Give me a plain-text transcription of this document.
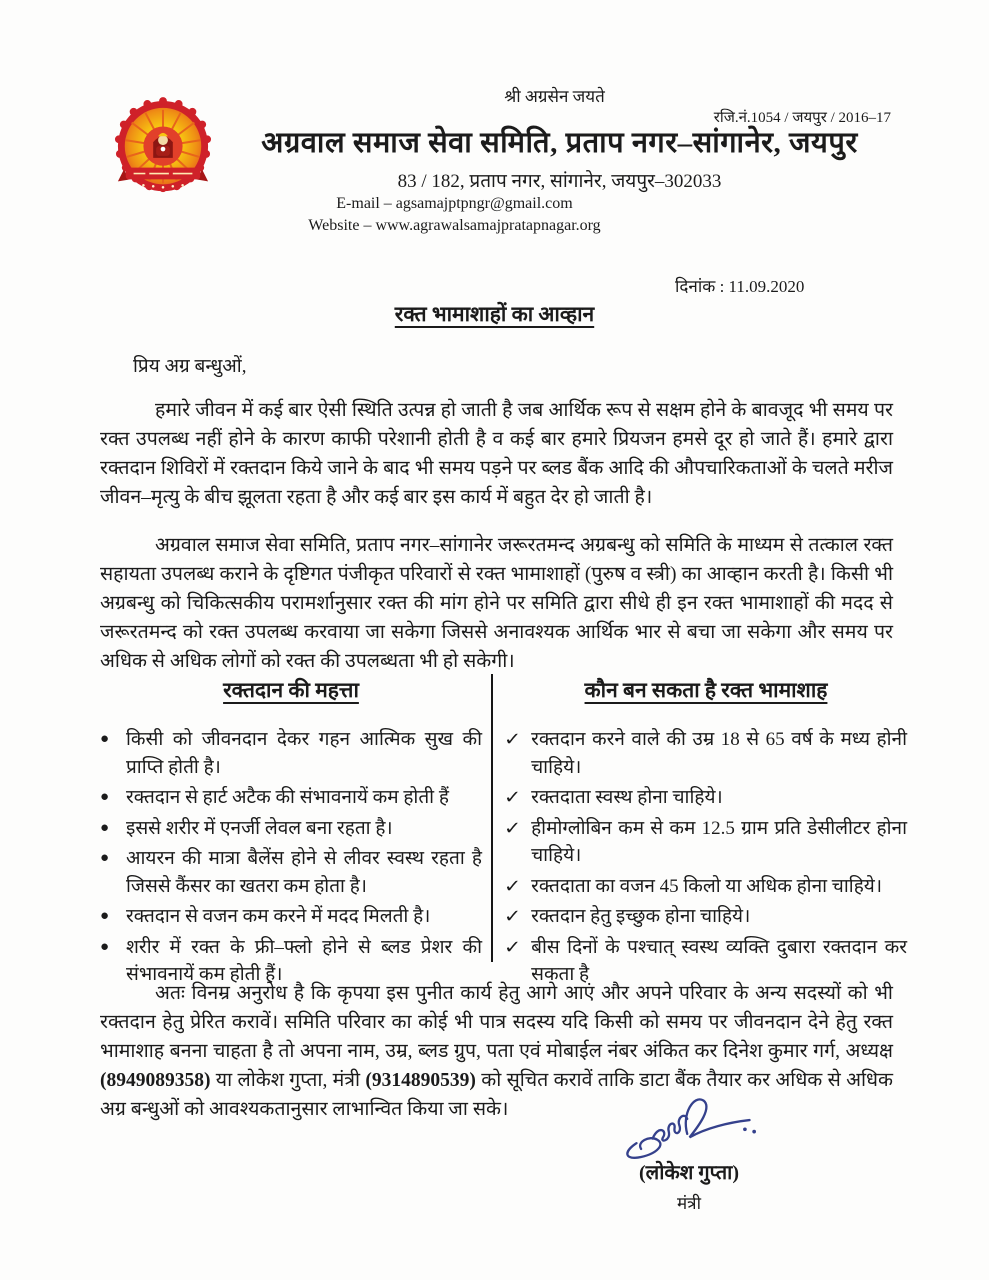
श्री अग्रसेन जयते
रजि.नं.1054 / जयपुर / 2016–17
अग्रवाल समाज सेवा समिति, प्रताप नगर–सांगानेर, जयपुर
83 / 182, प्रताप नगर, सांगानेर, जयपुर–302033
E-mail – agsamajptpngr@gmail.com
Website – www.agrawalsamajpratapnagar.org
दिनांक : 11.09.2020
रक्त भामाशाहों का आव्हान
प्रिय अग्र बन्धुओं,
हमारे जीवन में कई बार ऐसी स्थिति उत्पन्न हो जाती है जब आर्थिक रूप से सक्षम होने के बावजूद भी समय पर रक्त उपलब्ध नहीं होने के कारण काफी परेशानी होती है व कई बार हमारे प्रियजन हमसे दूर हो जाते हैं। हमारे द्वारा रक्तदान शिविरों में रक्तदान किये जाने के बाद भी समय पड़ने पर ब्लड बैंक आदि की औपचारिकताओं के चलते मरीज जीवन–मृत्यु के बीच झूलता रहता है और कई बार इस कार्य में बहुत देर हो जाती है।
अग्रवाल समाज सेवा समिति, प्रताप नगर–सांगानेर जरूरतमन्द अग्रबन्धु को समिति के माध्यम से तत्काल रक्त सहायता उपलब्ध कराने के दृष्टिगत पंजीकृत परिवारों से रक्त भामाशाहों (पुरुष व स्त्री) का आव्हान करती है। किसी भी अग्रबन्धु को चिकित्सकीय परामर्शानुसार रक्त की मांग होने पर समिति द्वारा सीधे ही इन रक्त भामाशाहों की मदद से जरूरतमन्द को रक्त उपलब्ध करवाया जा सकेगा जिससे अनावश्यक आर्थिक भार से बचा जा सकेगा और समय पर अधिक से अधिक लोगों को रक्त की उपलब्धता भी हो सकेगी।
रक्तदान की महत्ता
● किसी को जीवनदान देकर गहन आत्मिक सुख की प्राप्ति होती है।
● रक्तदान से हार्ट अटैक की संभावनायें कम होती हैं
● इससे शरीर में एनर्जी लेवल बना रहता है।
● आयरन की मात्रा बैलेंस होने से लीवर स्वस्थ रहता है जिससे कैंसर का खतरा कम होता है।
● रक्तदान से वजन कम करने में मदद मिलती है।
● शरीर में रक्त के फ्री–फ्लो होने से ब्लड प्रेशर की संभावनायें कम होती हैं।
कौन बन सकता है रक्त भामाशाह
✓ रक्तदान करने वाले की उम्र 18 से 65 वर्ष के मध्य होनी चाहिये।
✓ रक्तदाता स्वस्थ होना चाहिये।
✓ हीमोग्लोबिन कम से कम 12.5 ग्राम प्रति डेसीलीटर होना चाहिये।
✓ रक्तदाता का वजन 45 किलो या अधिक होना चाहिये।
✓ रक्तदान हेतु इच्छुक होना चाहिये।
✓ बीस दिनों के पश्चात् स्वस्थ व्यक्ति दुबारा रक्तदान कर सकता है
अतः विनम्र अनुरोध है कि कृपया इस पुनीत कार्य हेतु आगे आएं और अपने परिवार के अन्य सदस्यों को भी रक्तदान हेतु प्रेरित करावें। समिति परिवार का कोई भी पात्र सदस्य यदि किसी को समय पर जीवनदान देने हेतु रक्त भामाशाह बनना चाहता है तो अपना नाम, उम्र, ब्लड ग्रुप, पता एवं मोबाईल नंबर अंकित कर दिनेश कुमार गर्ग, अध्यक्ष (8949089358) या लोकेश गुप्ता, मंत्री (9314890539) को सूचित करावें ताकि डाटा बैंक तैयार कर अधिक से अधिक अग्र बन्धुओं को आवश्यकतानुसार लाभान्वित किया जा सके।
(लोकेश गुप्ता)
मंत्री
